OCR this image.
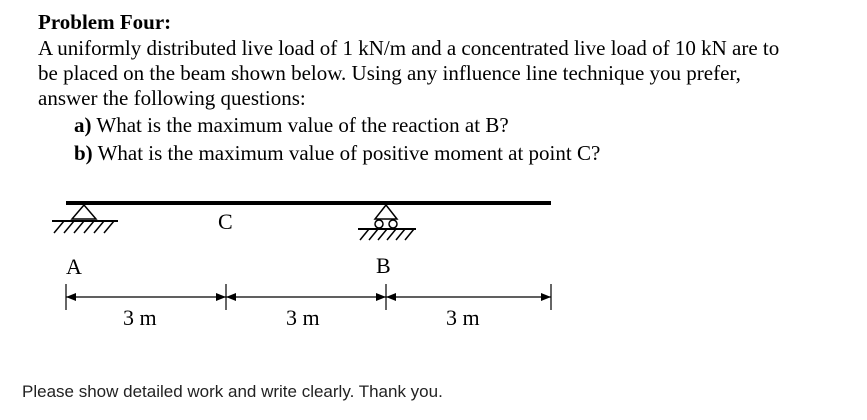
Problem Four:
A uniformly distributed live load of 1 kN/m and a concentrated live load of 10 kN are to
be placed on the beam shown below. Using any influence line technique you prefer,
answer the following questions:
a) What is the maximum value of the reaction at B?
b) What is the maximum value of positive moment at point C?
C
A	B
3 m	3 m	3 m
Please show detailed work and write clearly. Thank you.
